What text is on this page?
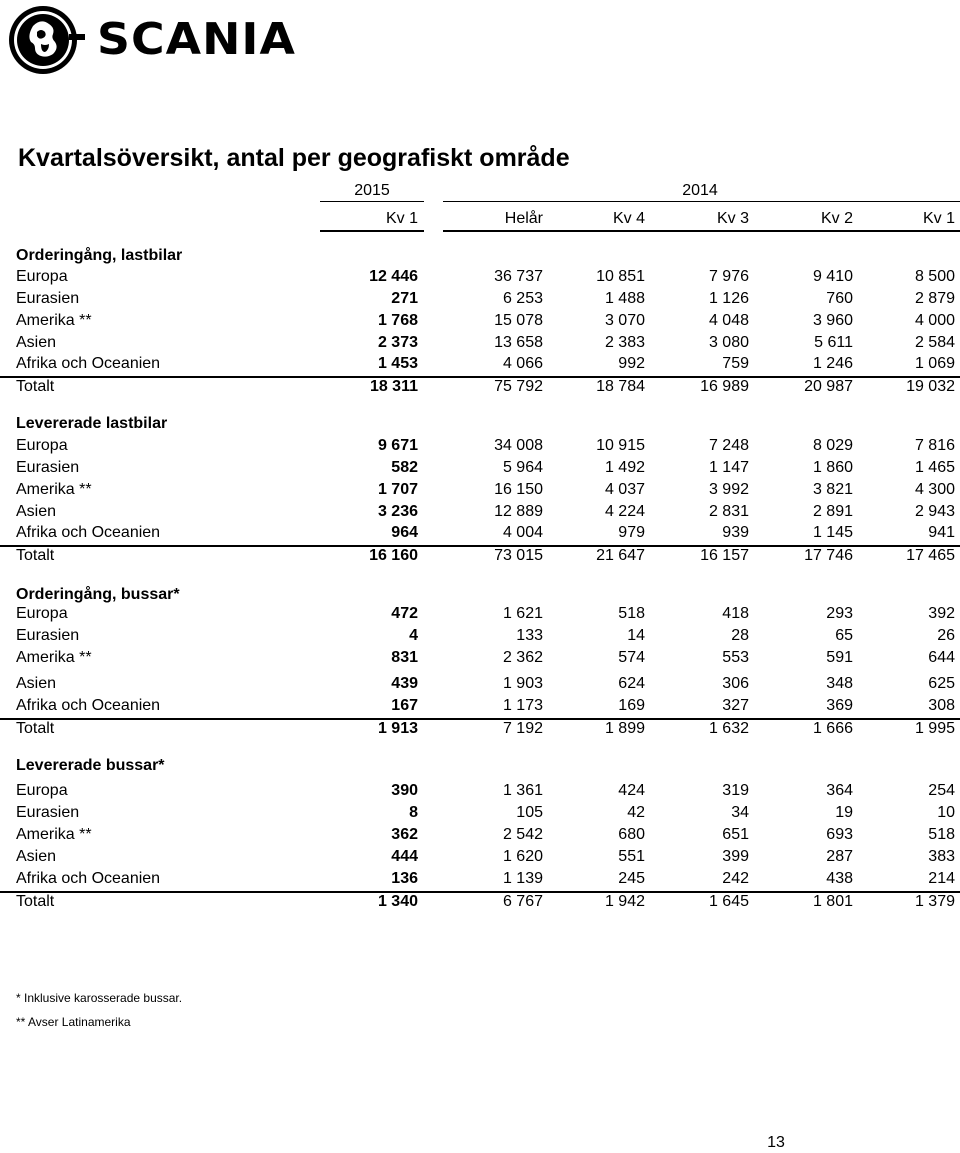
SCANIA
Kvartalsöversikt, antal per geografiskt område
2015	2014
Kv 1	Helår	Kv 4	Kv 3	Kv 2	Kv 1
Orderingång, lastbilar
Europa	12 446	36 737	10 851	7 976	9 410	8 500
Eurasien	271	6 253	1 488	1 126	760	2 879
Amerika **	1 768	15 078	3 070	4 048	3 960	4 000
Asien	2 373	13 658	2 383	3 080	5 611	2 584
Afrika och Oceanien	1 453	4 066	992	759	1 246	1 069
Totalt	18 311	75 792	18 784	16 989	20 987	19 032
Levererade lastbilar
Europa	9 671	34 008	10 915	7 248	8 029	7 816
Eurasien	582	5 964	1 492	1 147	1 860	1 465
Amerika **	1 707	16 150	4 037	3 992	3 821	4 300
Asien	3 236	12 889	4 224	2 831	2 891	2 943
Afrika och Oceanien	964	4 004	979	939	1 145	941
Totalt	16 160	73 015	21 647	16 157	17 746	17 465
Orderingång, bussar*
Europa	472	1 621	518	418	293	392
Eurasien	4	133	14	28	65	26
Amerika **	831	2 362	574	553	591	644
Asien	439	1 903	624	306	348	625
Afrika och Oceanien	167	1 173	169	327	369	308
Totalt	1 913	7 192	1 899	1 632	1 666	1 995
Levererade bussar*
Europa	390	1 361	424	319	364	254
Eurasien	8	105	42	34	19	10
Amerika **	362	2 542	680	651	693	518
Asien	444	1 620	551	399	287	383
Afrika och Oceanien	136	1 139	245	242	438	214
Totalt	1 340	6 767	1 942	1 645	1 801	1 379
* Inklusive karosserade bussar.
** Avser Latinamerika
13
